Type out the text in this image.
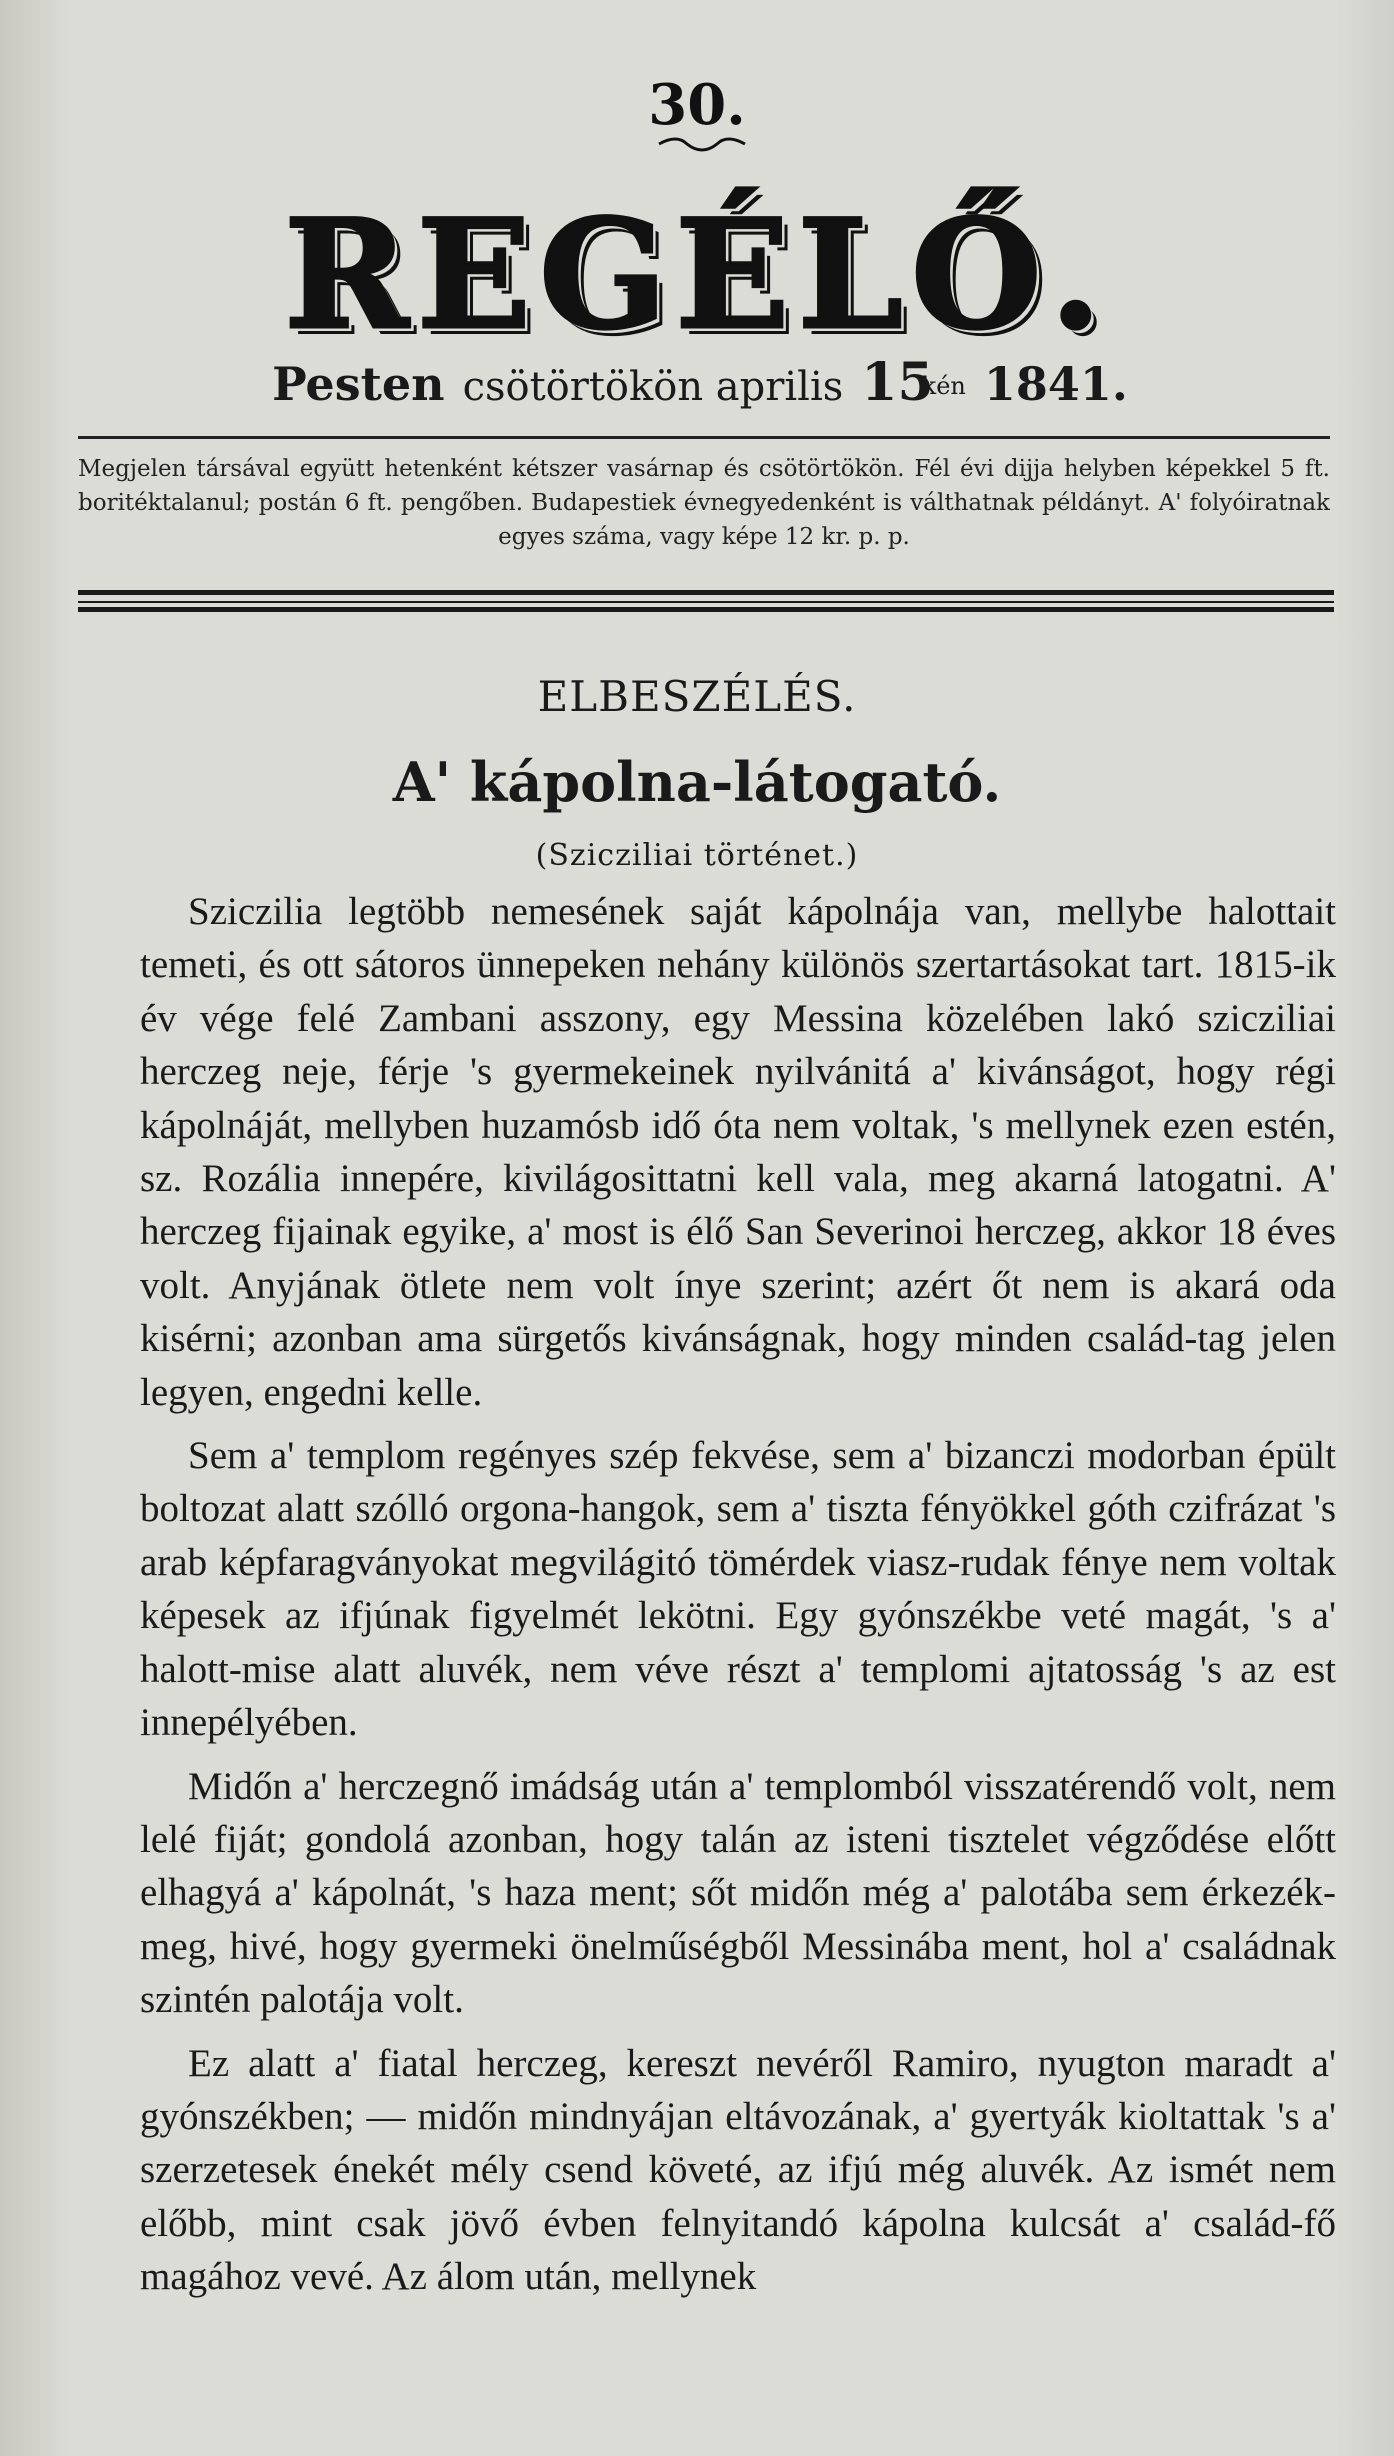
30.
REGÉLŐ.
Pesten csötörtökön aprilis 15kén 1841.
Megjelen társával együtt hetenként kétszer vasárnap és csötörtökön. Fél évi dijja helyben képekkel 5 ft. boritéktalanul; postán 6 ft. pengőben. Budapestiek évnegyedenként is válthatnak példányt. A' folyóiratnak egyes száma, vagy képe 12 kr. p. p.
ELBESZÉLÉS.
A' kápolna-látogató.
(Szicziliai történet.)

Szicziliа legtöbb nemesének saját kápolnája van, mellybe halottait temeti, és ott sátoros ünnepeken nehány különös szertartásokat tart. 1815-ik év vége felé Zambani asszony, egy Messina közelében lakó szicziliai herczeg neje, férje 's gyermekeinek nyilvánitá a' kivánságot, hogy régi kápolnáját, mellyben huzamósb idő óta nem voltak, 's mellynek ezen estén, sz. Rozália innepére, kivilágosittatni kell vala, meg akarná latogatni. A' herczeg fijainak egyike, a' most is élő San Severinoi herczeg, akkor 18 éves volt. Anyjának ötlete nem volt ínye szerint; azért őt nem is akará oda kisérni; azonban ama sürgetős kivánságnak, hogy minden család-tag jelen legyen, engedni kelle.

Sem a' templom regényes szép fekvése, sem a' bizanczi modorban épült boltozat alatt szólló orgona-hangok, sem a' tiszta fényökkel góth czifrázat 's arab képfaragványokat megvilágitó tömérdek viasz-rudak fénye nem voltak képesek az ifjúnak figyelmét lekötni. Egy gyónszékbe veté magát, 's a' halott-mise alatt aluvék, nem véve részt a' templomi ajtatosság 's az est innepélyében.

Midőn a' herczegnő imádság után a' templomból visszatérendő volt, nem lelé fiját; gondolá azonban, hogy talán az isteni tisztelet végződése előtt elhagyá a' kápolnát, 's haza ment; sőt midőn még a' palotába sem érkezék-meg, hivé, hogy gyermeki önelműségből Messinába ment, hol a' családnak szintén palotája volt.

Ez alatt a' fiatal herczeg, kereszt nevéről Ramiro, nyugton maradt a' gyónszékben; — midőn mindnyájan eltávozának, a' gyertyák kioltattak 's a' szerzetesek énekét mély csend követé, az ifjú még aluvék. Az ismét nem előbb, mint csak jövő évben felnyitandó kápolna kulcsát a' család-fő magához vevé. Az álom után, mellynek
